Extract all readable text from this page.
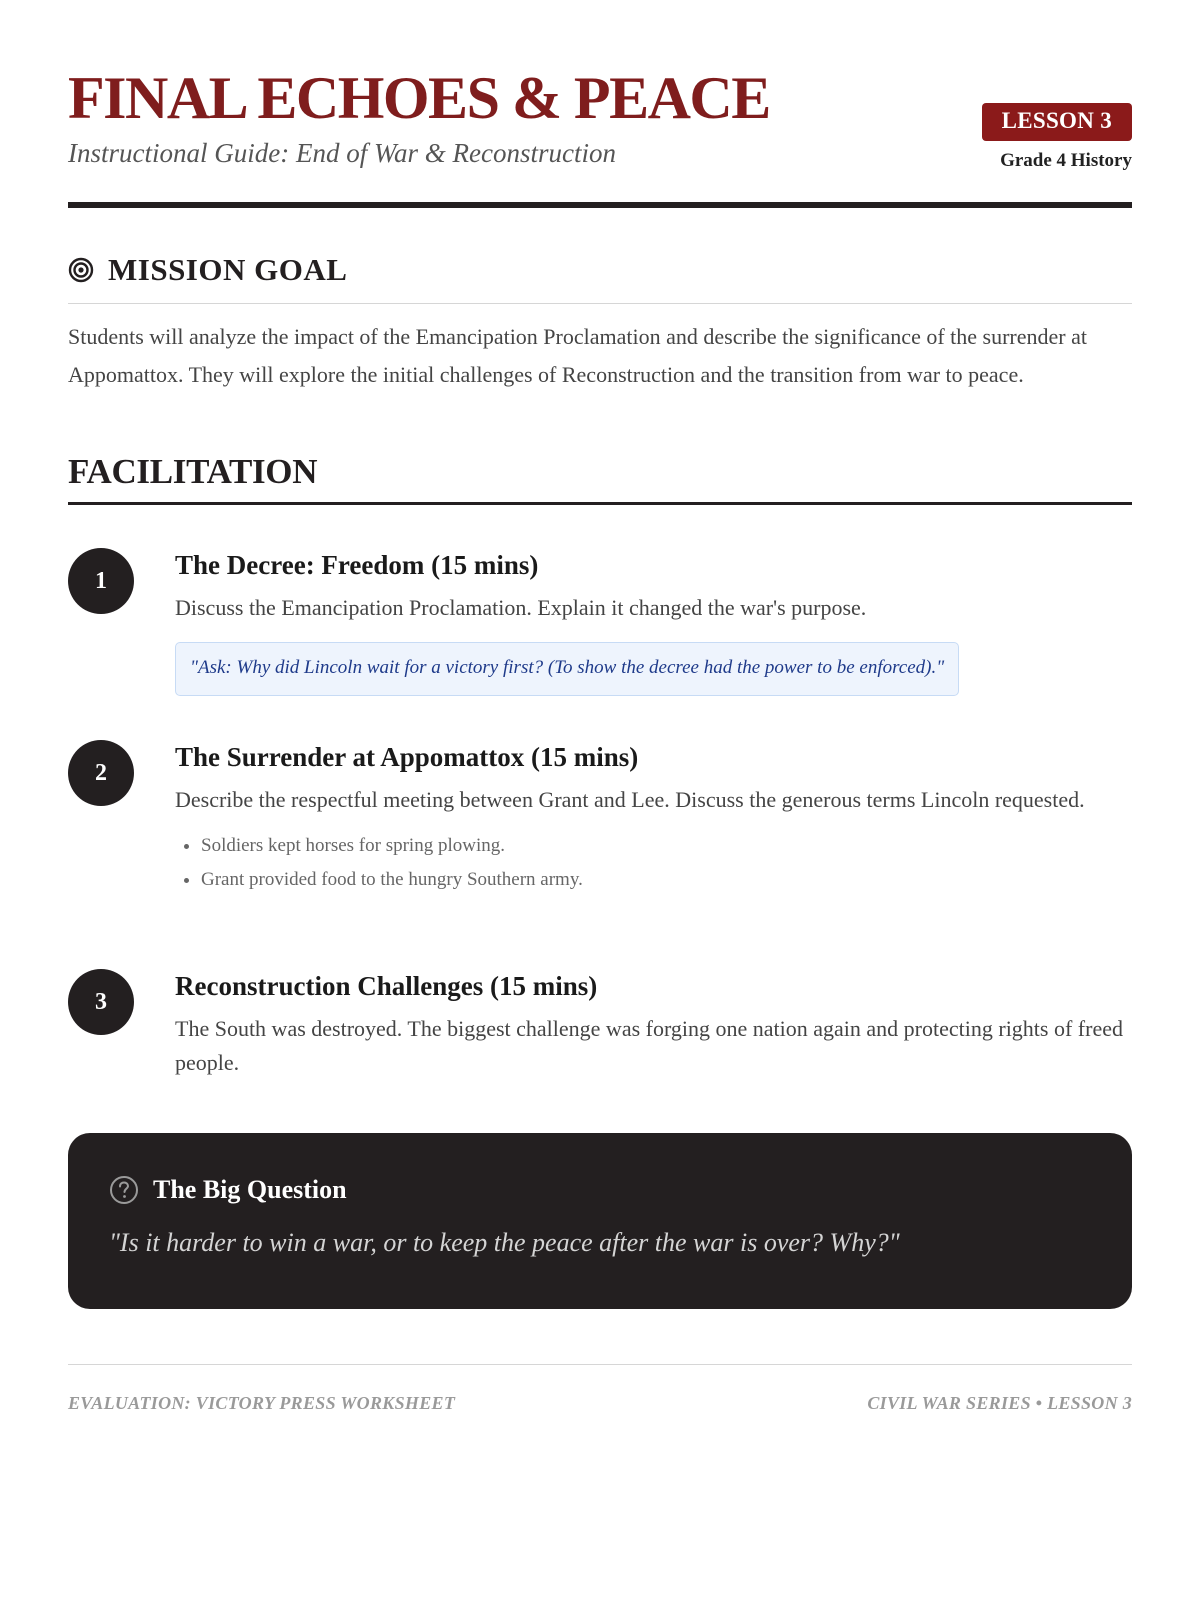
FINAL ECHOES & PEACE
Instructional Guide: End of War & Reconstruction
LESSON 3
Grade 4 History
MISSION GOAL

Students will analyze the impact of the Emancipation Proclamation and describe the significance of the surrender at Appomattox. They will explore the initial challenges of Reconstruction and the transition from war to peace.

FACILITATION
1
The Decree: Freedom (15 mins)

Discuss the Emancipation Proclamation. Explain it changed the war's purpose.

"Ask: Why did Lincoln wait for a victory first? (To show the decree had the power to be enforced)."
2
The Surrender at Appomattox (15 mins)

Describe the respectful meeting between Grant and Lee. Discuss the generous terms Lincoln requested.

• Soldiers kept horses for spring plowing.
• Grant provided food to the hungry Southern army.
3
Reconstruction Challenges (15 mins)

The South was destroyed. The biggest challenge was forging one nation again and protecting rights of freed people.

The Big Question

"Is it harder to win a war, or to keep the peace after the war is over? Why?"

EVALUATION: VICTORY PRESS WORKSHEET	CIVIL WAR SERIES • LESSON 3
